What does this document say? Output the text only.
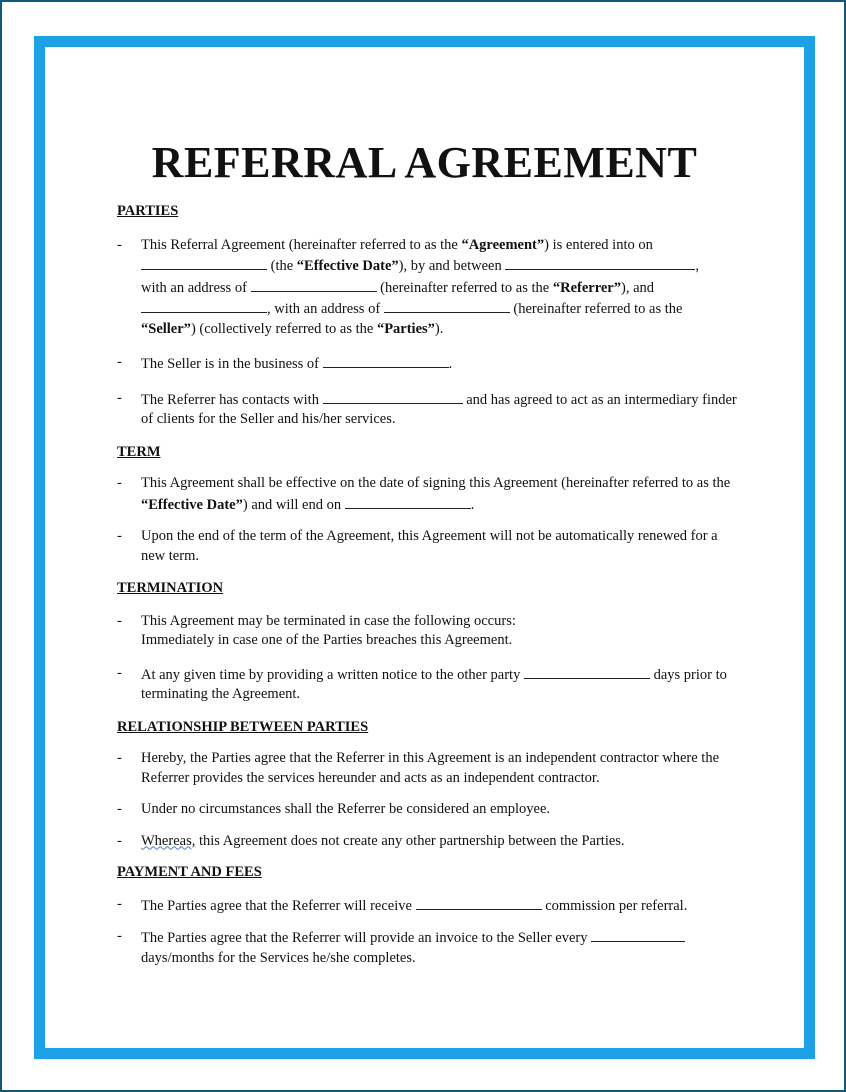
REFERRAL AGREEMENT
PARTIES
- This Referral Agreement (hereinafter referred to as the “Agreement”) is entered into on
(the “Effective Date”), by and between	,
with an address of	(hereinafter referred to as the “Referrer”), and
, with an address of	(hereinafter referred to as the
“Seller”) (collectively referred to as the “Parties”).
- The Seller is in the business of	.
- The Referrer has contacts with	and has agreed to act as an intermediary finder of clients for the Seller and his/her services.
TERM
- This Agreement shall be effective on the date of signing this Agreement (hereinafter referred to as the “Effective Date”) and will end on	.
- Upon the end of the term of the Agreement, this Agreement will not be automatically renewed for a new term.
TERMINATION
- This Agreement may be terminated in case the following occurs:
Immediately in case one of the Parties breaches this Agreement.
- At any given time by providing a written notice to the other party	days prior to terminating the Agreement.
RELATIONSHIP BETWEEN PARTIES
- Hereby, the Parties agree that the Referrer in this Agreement is an independent contractor where the Referrer provides the services hereunder and acts as an independent contractor.
- Under no circumstances shall the Referrer be considered an employee.
- Whereas, this Agreement does not create any other partnership between the Parties.
PAYMENT AND FEES
- The Parties agree that the Referrer will receive	commission per referral.
- The Parties agree that the Referrer will provide an invoice to the Seller every  days/months for the Services he/she completes.
